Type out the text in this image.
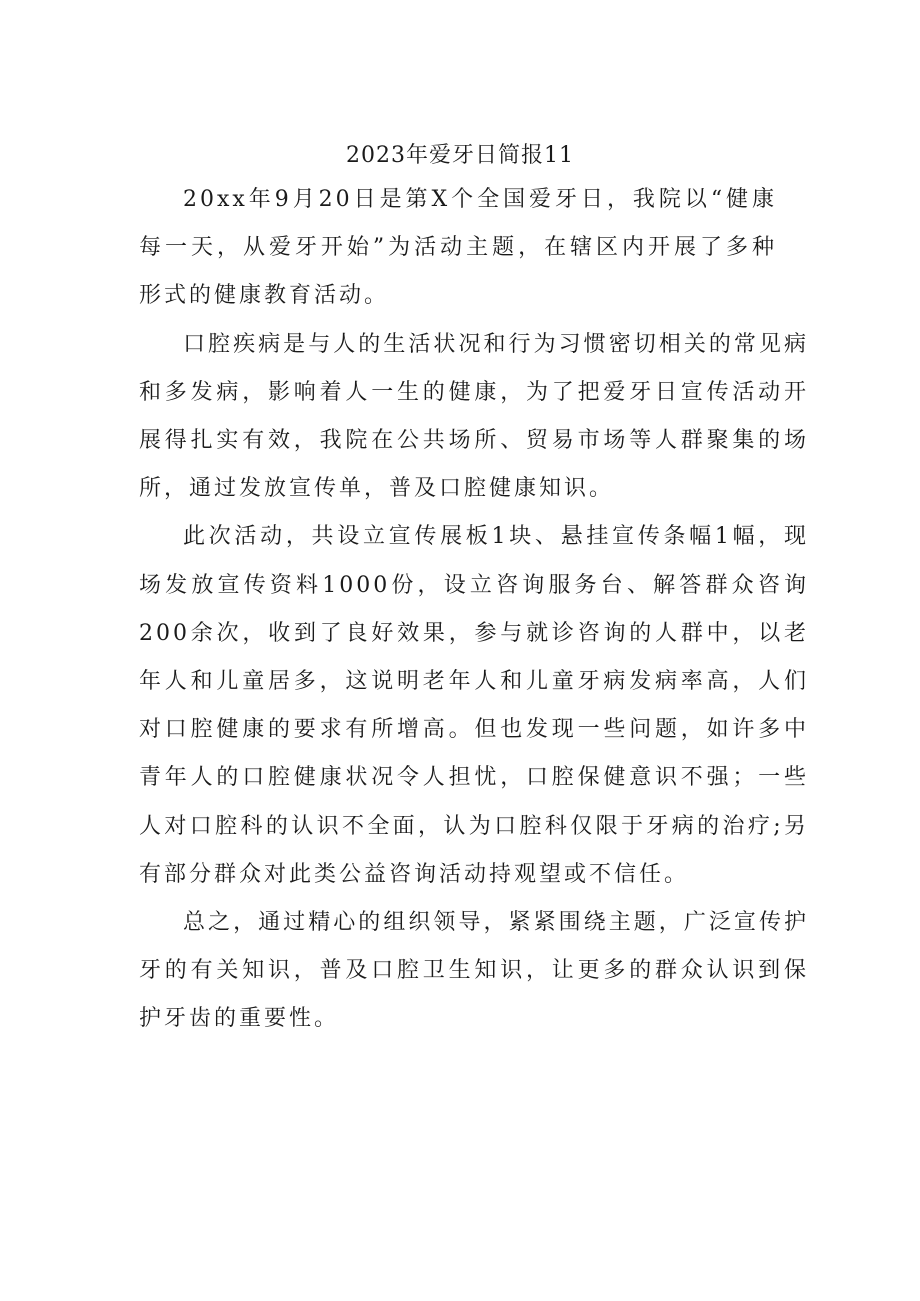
2023年爱牙日简报11

20xx年9月20日是第X个全国爱牙日，我院以“健康每一天，从爱牙开始”为活动主题，在辖区内开展了多种形式的健康教育活动。

口腔疾病是与人的生活状况和行为习惯密切相关的常见病和多发病，影响着人一生的健康，为了把爱牙日宣传活动开展得扎实有效，我院在公共场所、贸易市场等人群聚集的场所，通过发放宣传单，普及口腔健康知识。

此次活动，共设立宣传展板1块、悬挂宣传条幅1幅，现场发放宣传资料1000份，设立咨询服务台、解答群众咨询200余次，收到了良好效果，参与就诊咨询的人群中，以老年人和儿童居多，这说明老年人和儿童牙病发病率高，人们对口腔健康的要求有所增高。但也发现一些问题，如许多中青年人的口腔健康状况令人担忧，口腔保健意识不强；一些人对口腔科的认识不全面，认为口腔科仅限于牙病的治疗;另有部分群众对此类公益咨询活动持观望或不信任。

总之，通过精心的组织领导，紧紧围绕主题，广泛宣传护牙的有关知识，普及口腔卫生知识，让更多的群众认识到保护牙齿的重要性。
